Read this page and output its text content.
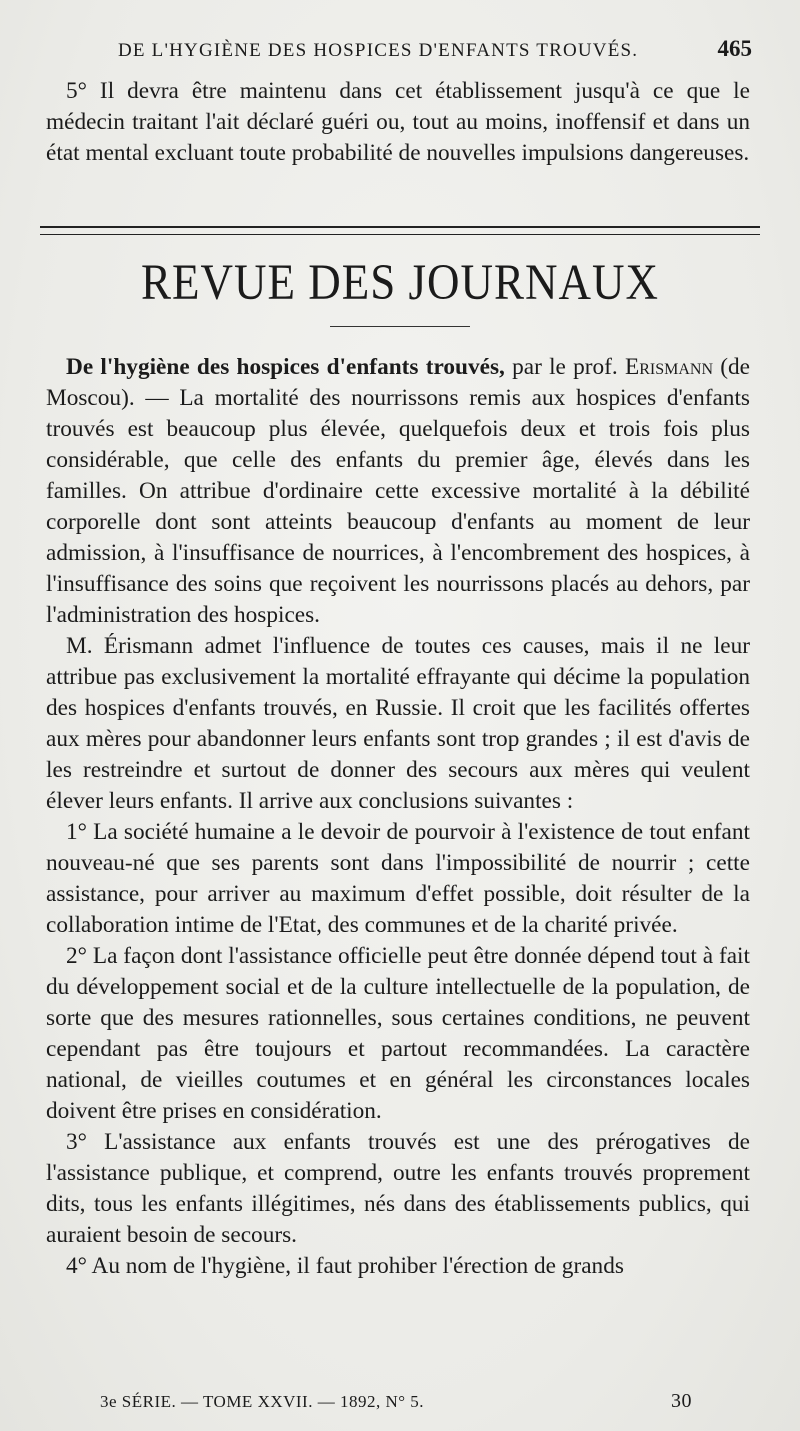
DE L'HYGIÈNE DES HOSPICES D'ENFANTS TROUVÉS.	465

5° Il devra être maintenu dans cet établissement jusqu'à ce que le médecin traitant l'ait déclaré guéri ou, tout au moins, inoffensif et dans un état mental excluant toute probabilité de nouvelles impulsions dangereuses.

REVUE DES JOURNAUX

De l'hygiène des hospices d'enfants trouvés, par le prof. Erismann (de Moscou). — La mortalité des nourrissons remis aux hospices d'enfants trouvés est beaucoup plus élevée, quelquefois deux et trois fois plus considérable, que celle des enfants du premier âge, élevés dans les familles. On attribue d'ordinaire cette excessive mortalité à la débilité corporelle dont sont atteints beaucoup d'enfants au moment de leur admission, à l'insuffisance de nourrices, à l'encombrement des hospices, à l'insuffisance des soins que reçoivent les nourrissons placés au dehors, par l'administration des hospices.

M. Érismann admet l'influence de toutes ces causes, mais il ne leur attribue pas exclusivement la mortalité effrayante qui décime la population des hospices d'enfants trouvés, en Russie. Il croit que les facilités offertes aux mères pour abandonner leurs enfants sont trop grandes ; il est d'avis de les restreindre et surtout de donner des secours aux mères qui veulent élever leurs enfants. Il arrive aux conclusions suivantes :

1° La société humaine a le devoir de pourvoir à l'existence de tout enfant nouveau-né que ses parents sont dans l'impossibilité de nourrir ; cette assistance, pour arriver au maximum d'effet possible, doit résulter de la collaboration intime de l'Etat, des communes et de la charité privée.

2° La façon dont l'assistance officielle peut être donnée dépend tout à fait du développement social et de la culture intellectuelle de la population, de sorte que des mesures rationnelles, sous certaines conditions, ne peuvent cependant pas être toujours et partout recommandées. La caractère national, de vieilles coutumes et en général les circonstances locales doivent être prises en considération.

3° L'assistance aux enfants trouvés est une des prérogatives de l'assistance publique, et comprend, outre les enfants trouvés proprement dits, tous les enfants illégitimes, nés dans des établissements publics, qui auraient besoin de secours.

4° Au nom de l'hygiène, il faut prohiber l'érection de grands

3e SÉRIE. — TOME XXVII. — 1892, N° 5.	30
